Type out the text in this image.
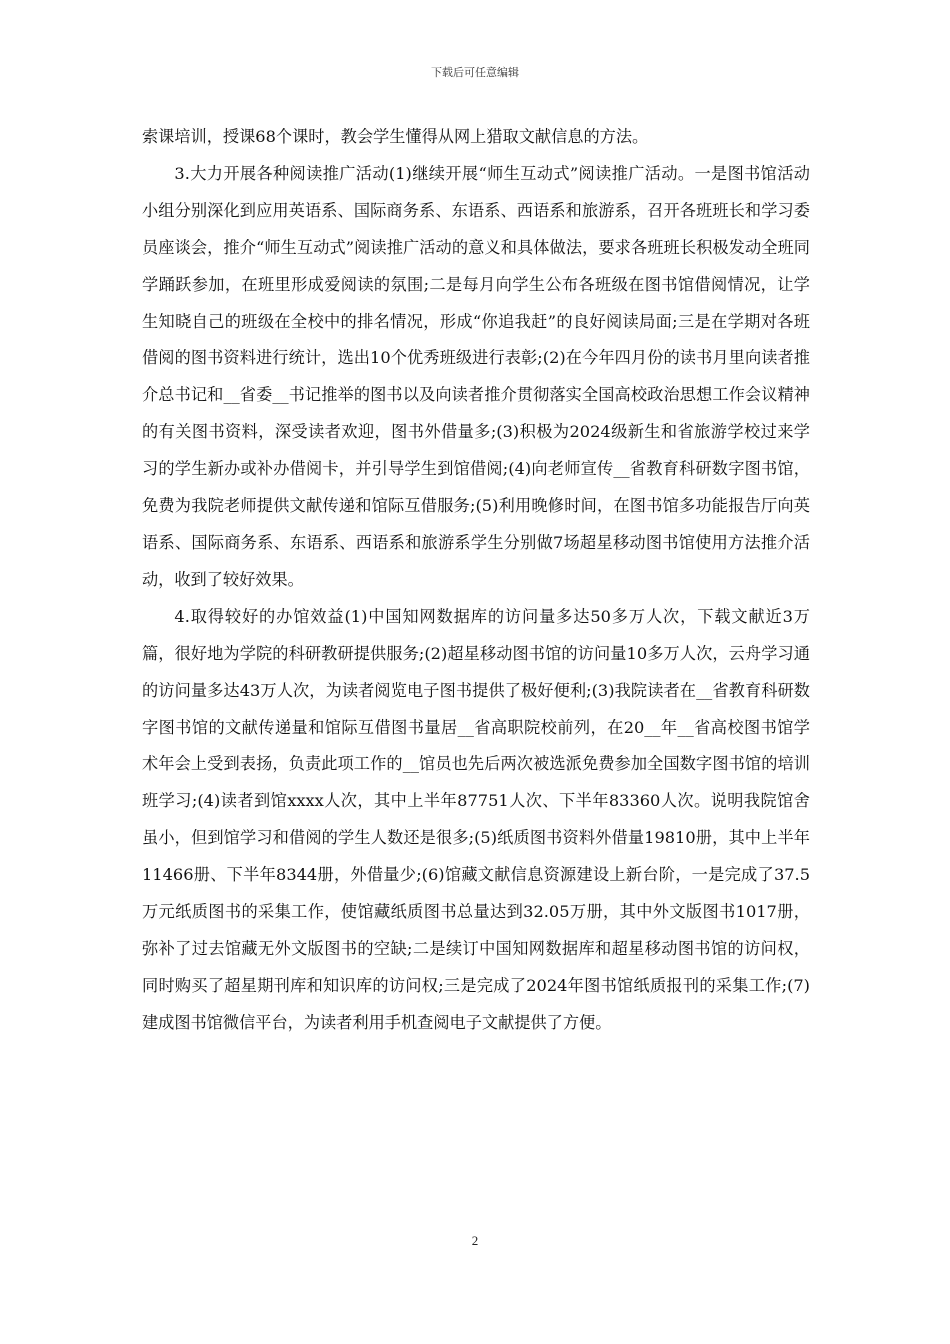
下载后可任意编辑

索课培训，授课68个课时，教会学生懂得从网上猎取文献信息的方法。

3.大力开展各种阅读推广活动(1)继续开展“师生互动式”阅读推广活动。一是图书馆活动小组分别深化到应用英语系、国际商务系、东语系、西语系和旅游系，召开各班班长和学习委员座谈会，推介“师生互动式”阅读推广活动的意义和具体做法，要求各班班长积极发动全班同学踊跃参加，在班里形成爱阅读的氛围;二是每月向学生公布各班级在图书馆借阅情况，让学生知晓自己的班级在全校中的排名情况，形成“你追我赶”的良好阅读局面;三是在学期对各班借阅的图书资料进行统计，选出10个优秀班级进行表彰;(2)在今年四月份的读书月里向读者推介总书记和__省委__书记推举的图书以及向读者推介贯彻落实全国高校政治思想工作会议精神的有关图书资料，深受读者欢迎，图书外借量多;(3)积极为2024级新生和省旅游学校过来学习的学生新办或补办借阅卡，并引导学生到馆借阅;(4)向老师宣传__省教育科研数字图书馆，免费为我院老师提供文献传递和馆际互借服务;(5)利用晚修时间，在图书馆多功能报告厅向英语系、国际商务系、东语系、西语系和旅游系学生分别做7场超星移动图书馆使用方法推介活动，收到了较好效果。

4.取得较好的办馆效益(1)中国知网数据库的访问量多达50多万人次，下载文献近3万篇，很好地为学院的科研教研提供服务;(2)超星移动图书馆的访问量10多万人次，云舟学习通的访问量多达43万人次，为读者阅览电子图书提供了极好便利;(3)我院读者在__省教育科研数字图书馆的文献传递量和馆际互借图书量居__省高职院校前列，在20__年__省高校图书馆学术年会上受到表扬，负责此项工作的__馆员也先后两次被选派免费参加全国数字图书馆的培训班学习;(4)读者到馆xxxx人次，其中上半年87751人次、下半年83360人次。说明我院馆舍虽小，但到馆学习和借阅的学生人数还是很多;(5)纸质图书资料外借量19810册，其中上半年11466册、下半年8344册，外借量少;(6)馆藏文献信息资源建设上新台阶，一是完成了37.5万元纸质图书的采集工作，使馆藏纸质图书总量达到32.05万册，其中外文版图书1017册，弥补了过去馆藏无外文版图书的空缺;二是续订中国知网数据库和超星移动图书馆的访问权，同时购买了超星期刊库和知识库的访问权;三是完成了2024年图书馆纸质报刊的采集工作;(7)建成图书馆微信平台，为读者利用手机查阅电子文献提供了方便。

2
